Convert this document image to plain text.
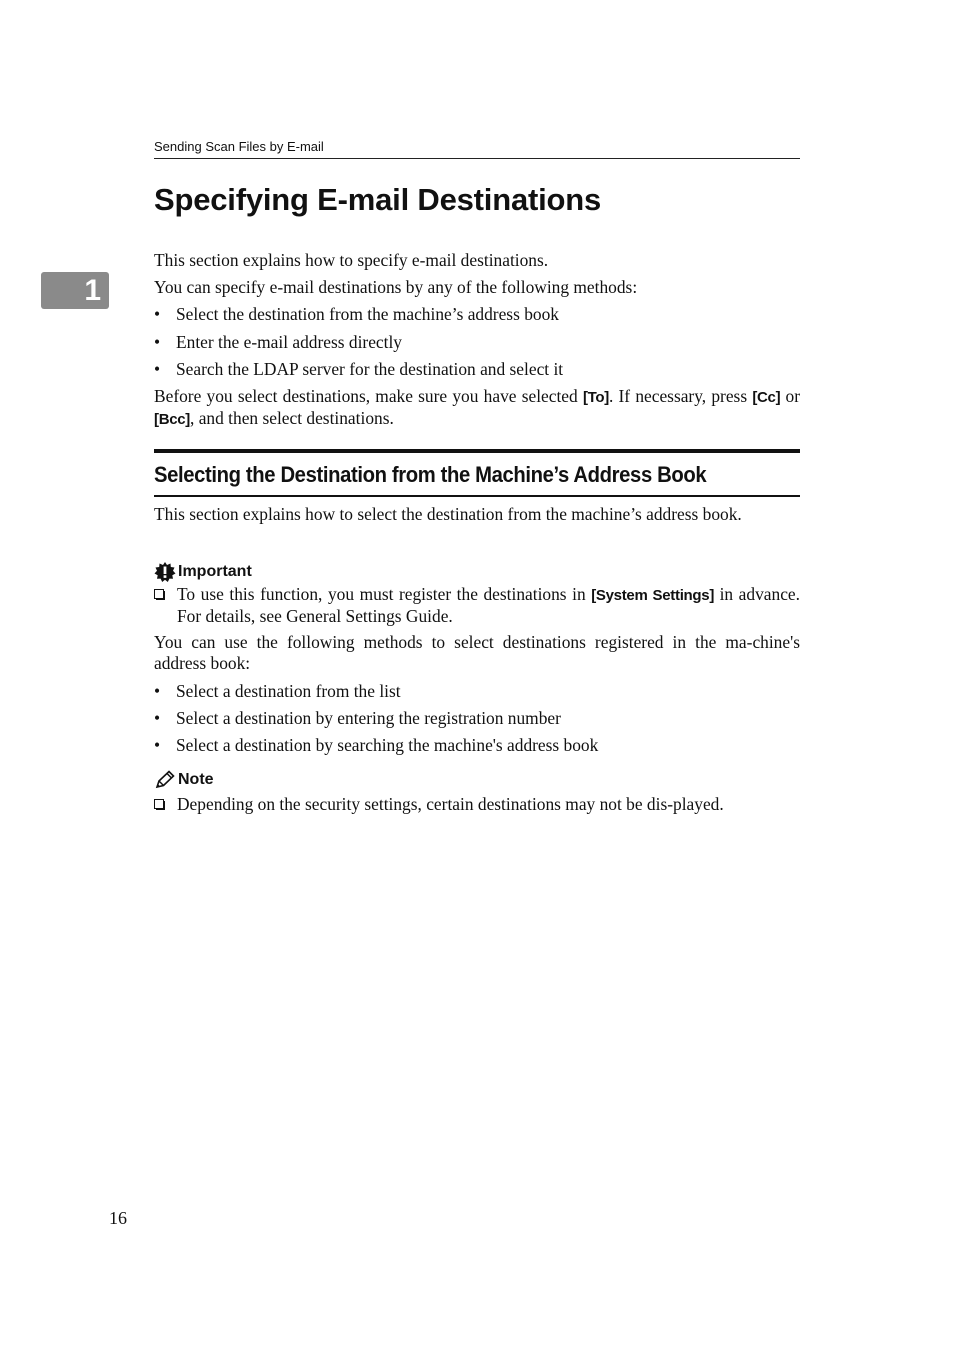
Sending Scan Files by E-mail
1
Specifying E-mail Destinations

This section explains how to specify e-mail destinations.

You can specify e-mail destinations by any of the following methods:

• Select the destination from the machine’s address book
• Enter the e-mail address directly
• Search the LDAP server for the destination and select it

Before you select destinations, make sure you have selected [To]. If necessary, press [Cc] or [Bcc], and then select destinations.

Selecting the Destination from the Machine’s Address Book

This section explains how to select the destination from the machine’s address book.

Important
To use this function, you must register the destinations in [System Settings] in advance. For details, see General Settings Guide.

You can use the following methods to select destinations registered in the ma-chine's address book:

• Select a destination from the list
• Select a destination by entering the registration number
• Select a destination by searching the machine's address book
Note
Depending on the security settings, certain destinations may not be dis-played.
16
